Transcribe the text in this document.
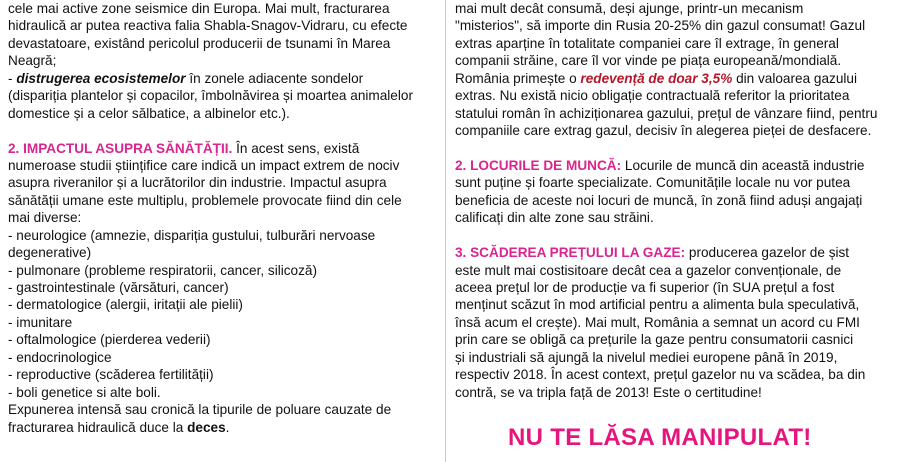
cele mai active zone seismice din Europa. Mai mult, fracturarea
hidraulică ar putea reactiva falia Shabla-Snagov-Vidraru, cu efecte
devastatoare, existând pericolul producerii de tsunami în Marea
Neagră;
- distrugerea ecosistemelor în zonele adiacente sondelor
(dispariția plantelor și copacilor, îmbolnăvirea și moartea animalelor
domestice și a celor sălbatice, a albinelor etc.).
2. IMPACTUL ASUPRA SĂNĂTĂȚII. În acest sens, există
numeroase studii științifice care indică un impact extrem de nociv
asupra riveranilor și a lucrătorilor din industrie. Impactul asupra
sănătății umane este multiplu, problemele provocate fiind din cele
mai diverse:
- neurologice (amnezie, dispariția gustului, tulburări nervoase
degenerative)
- pulmonare (probleme respiratorii, cancer, silicoză)
- gastrointestinale (vărsături, cancer)
- dermatologice (alergii, iritații ale pielii)
- imunitare
- oftalmologice (pierderea vederii)
- endocrinologice
- reproductive (scăderea fertilității)
- boli genetice si alte boli.
Expunerea intensă sau cronică la tipurile de poluare cauzate de
fracturarea hidraulică duce la deces.
mai mult decât consumă, deși ajunge, printr-un mecanism
"misterios", să importe din Rusia 20-25% din gazul consumat! Gazul
extras aparține în totalitate companiei care îl extrage, în general
companii străine, care îl vor vinde pe piața europeană/mondială.
România primește o redevență de doar 3,5% din valoarea gazului
extras. Nu există nicio obligație contractuală referitor la prioritatea
statului român în achiziționarea gazului, prețul de vânzare fiind, pentru
companiile care extrag gazul, decisiv în alegerea pieței de desfacere.
2. LOCURILE DE MUNCĂ: Locurile de muncă din această industrie
sunt puține și foarte specializate. Comunitățile locale nu vor putea
beneficia de aceste noi locuri de muncă, în zonă fiind aduși angajați
calificați din alte zone sau străini.
3. SCĂDEREA PREȚULUI LA GAZE: producerea gazelor de șist
este mult mai costisitoare decât cea a gazelor convenționale, de
aceea prețul lor de producție va fi superior (în SUA prețul a fost
menținut scăzut în mod artificial pentru a alimenta bula speculativă,
însă acum el crește). Mai mult, România a semnat un acord cu FMI
prin care se obligă ca prețurile la gaze pentru consumatorii casnici
și industriali să ajungă la nivelul mediei europene până în 2019,
respectiv 2018. În acest context, prețul gazelor nu va scădea, ba din
contră, se va tripla față de 2013! Este o certitudine!
NU TE LĂSA MANIPULAT!
